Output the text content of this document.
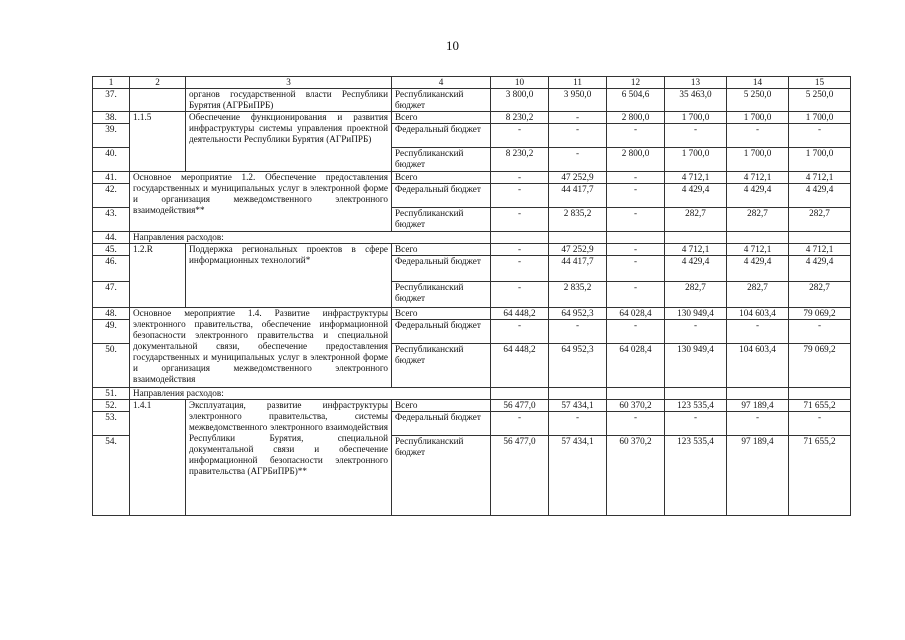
10
1	2	3	4	10	11	12	13	14	15
37.		органов государственной власти Республики Бурятия (АГРБиПРБ)	Республиканский бюджет	3 800,0	3 950,0	6 504,6	35 463,0	5 250,0	5 250,0
38.	1.1.5	Обеспечение функционирования и развития инфраструктуры системы управления проектной деятельности Республики Бурятия (АГРиПРБ)	Всего	8 230,2	-	2 800,0	1 700,0	1 700,0	1 700,0
39.			Федеральный бюджет	-	-	-	-	-	-
40.			Республиканский бюджет	8 230,2	-	2 800,0	1 700,0	1 700,0	1 700,0
41.	Основное мероприятие 1.2. Обеспечение предоставления государственных и муниципальных услуг в электронной форме и организация межведомственного электронного взаимодействия**		Всего	-	47 252,9	-	4 712,1	4 712,1	4 712,1
42.			Федеральный бюджет	-	44 417,7	-	4 429,4	4 429,4	4 429,4
43.			Республиканский бюджет	-	2 835,2	-	282,7	282,7	282,7
44.	Направления расходов:								
45.	1.2.R	Поддержка региональных проектов в сфере информационных технологий*	Всего	-	47 252,9	-	4 712,1	4 712,1	4 712,1
46.			Федеральный бюджет	-	44 417,7	-	4 429,4	4 429,4	4 429,4
47.			Республиканский бюджет	-	2 835,2	-	282,7	282,7	282,7
48.	Основное мероприятие 1.4. Развитие инфраструктуры электронного правительства, обеспечение информационной безопасности электронного правительства и специальной документальной связи, обеспечение предоставления государственных и муниципальных услуг в электронной форме и организация межведомственного электронного взаимодействия		Всего	64 448,2	64 952,3	64 028,4	130 949,4	104 603,4	79 069,2
49.			Федеральный бюджет	-	-	-	-	-	-
50.			Республиканский бюджет	64 448,2	64 952,3	64 028,4	130 949,4	104 603,4	79 069,2
51.	Направления расходов:								
52.	1.4.1	Эксплуатация, развитие инфраструктуры электронного правительства, системы межведомственного электронного взаимодействия Республики Бурятия, специальной документальной связи и обеспечение информационной безопасности электронного правительства (АГРБиПРБ)**	Всего	56 477,0	57 434,1	60 370,2	123 535,4	97 189,4	71 655,2
53.			Федеральный бюджет	-	-	-	-	-	-
54.			Республиканский бюджет	56 477,0	57 434,1	60 370,2	123 535,4	97 189,4	71 655,2
